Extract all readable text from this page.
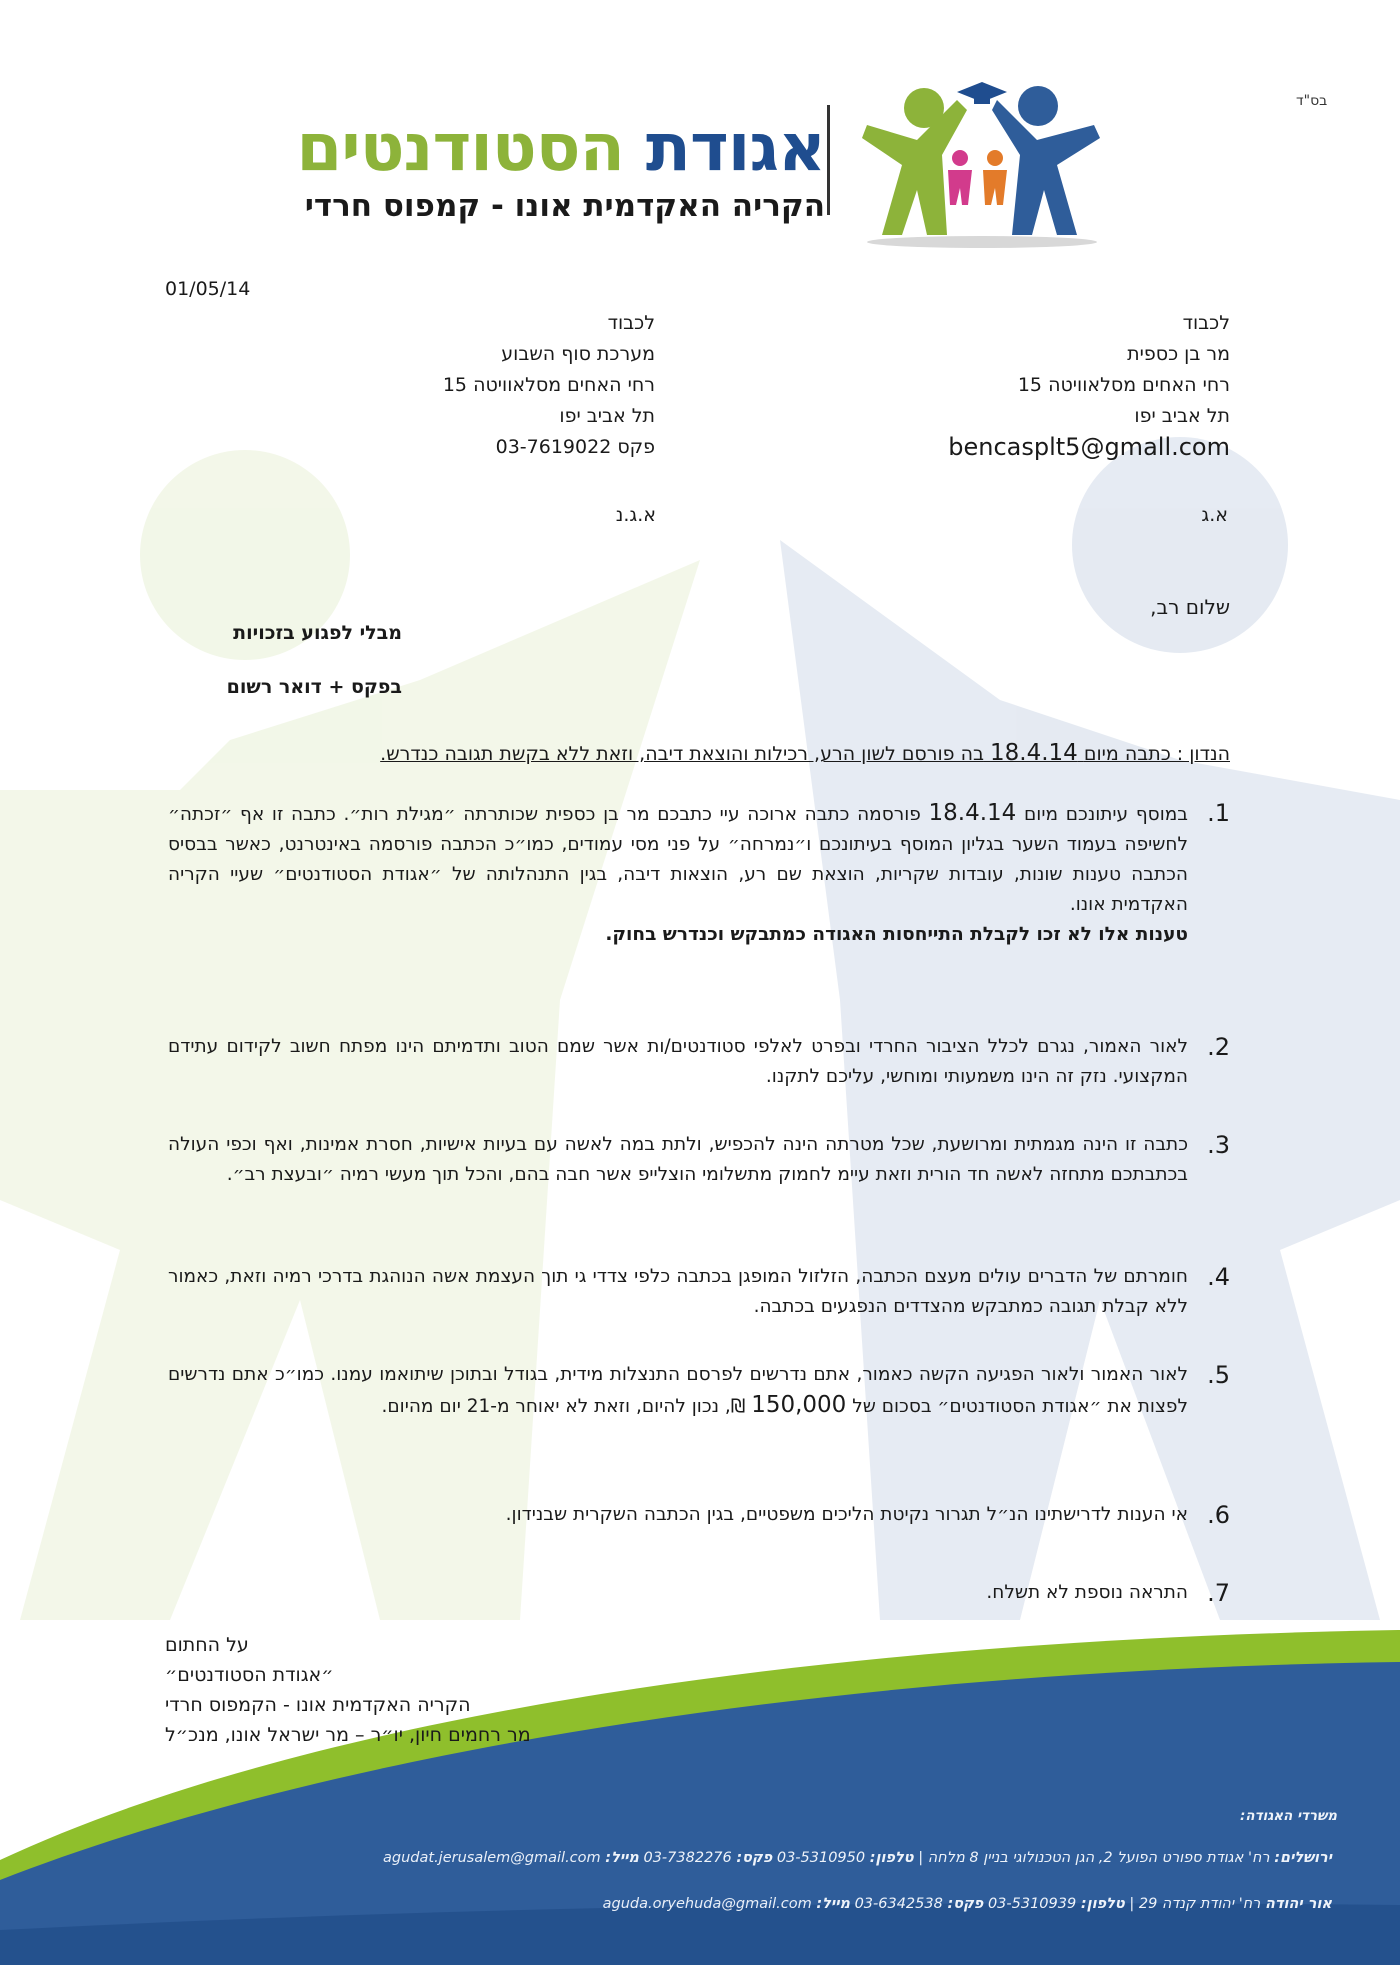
בס"ד
אגודת הסטודנטים
הקריה האקדמית אונו - קמפוס חרדי
01/05/14
לכבוד
מר בן כספית
רחי האחים מסלאוויטה 15
תל אביב יפו
bencasplt5@gmall.com
לכבוד
מערכת סוף השבוע
רחי האחים מסלאוויטה 15
תל אביב יפו
פקס 03-7619022
א.ג
א.ג.נ
שלום רב,
מבלי לפגוע בזכויות
בפקס + דואר רשום
הנדון : כתבה מיום 18.4.14 בה פורסם לשון הרע, רכילות והוצאת דיבה, וזאת ללא בקשת תגובה כנדרש.
1.
במוסף עיתונכם מיום 18.4.14 פורסמה כתבה ארוכה עיי כתבכם מר בן כספית שכותרתה ״מגילת רות״. כתבה זו אף ״זכתה״ לחשיפה בעמוד השער בגליון המוסף בעיתונכם ו״נמרחה״ על פני מסי עמודים, כמו״כ הכתבה פורסמה באינטרנט, כאשר בבסיס הכתבה טענות שונות, עובדות שקריות, הוצאת שם רע, הוצאות דיבה, בגין התנהלותה של ״אגודת הסטודנטים״ שעיי הקריה האקדמית אונו.
טענות אלו לא זכו לקבלת התייחסות האגודה כמתבקש וכנדרש בחוק.
2.
לאור האמור, נגרם לכלל הציבור החרדי ובפרט לאלפי סטודנטים/ות אשר שמם הטוב ותדמיתם הינו מפתח חשוב לקידום עתידם המקצועי. נזק זה הינו משמעותי ומוחשי, עליכם לתקנו.
3.
כתבה זו הינה מגמתית ומרושעת, שכל מטרתה הינה להכפיש, ולתת במה לאשה עם בעיות אישיות, חסרת אמינות, ואף וכפי העולה בכתבתכם מתחזה לאשה חד הורית וזאת עיימ לחמוק מתשלומי הוצלייפ אשר חבה בהם, והכל תוך מעשי רמיה ״ובעצת רב״.
4.
חומרתם של הדברים עולים מעצם הכתבה, הזלזול המופגן בכתבה כלפי צדדי גי תוך העצמת אשה הנוהגת בדרכי רמיה וזאת, כאמור ללא קבלת תגובה כמתבקש מהצדדים הנפגעים בכתבה.
5.
לאור האמור ולאור הפגיעה הקשה כאמור, אתם נדרשים לפרסם התנצלות מידית, בגודל ובתוכן שיתואמו עמנו. כמו״כ אתם נדרשים לפצות את ״אגודת הסטודנטים״ בסכום של 150,000 ₪, נכון להיום, וזאת לא יאוחר מ-21 יום מהיום.
6.
אי הענות לדרישתינו הנ״ל תגרור נקיטת הליכים משפטיים, בגין הכתבה השקרית שבנידון.
7.
התראה נוספת לא תשלח.
על החתום
״אגודת הסטודנטים״
הקריה האקדמית אונו - הקמפוס חרדי
מר רחמים חיון, יו״ר – מר ישראל אונו, מנכ״ל
משרדי האגודה:
ירושלים: רח' אגודת ספורט הפועל 2, הגן הטכנולוגי בניין 8 מלחה | טלפון: 03-5310950 פקס: 03-7382276 מייל: agudat.jerusalem@gmail.com
אור יהודה רח' יהודת קנדה 29 | טלפון: 03-5310939 פקס: 03-6342538 מייל: aguda.oryehuda@gmail.com
